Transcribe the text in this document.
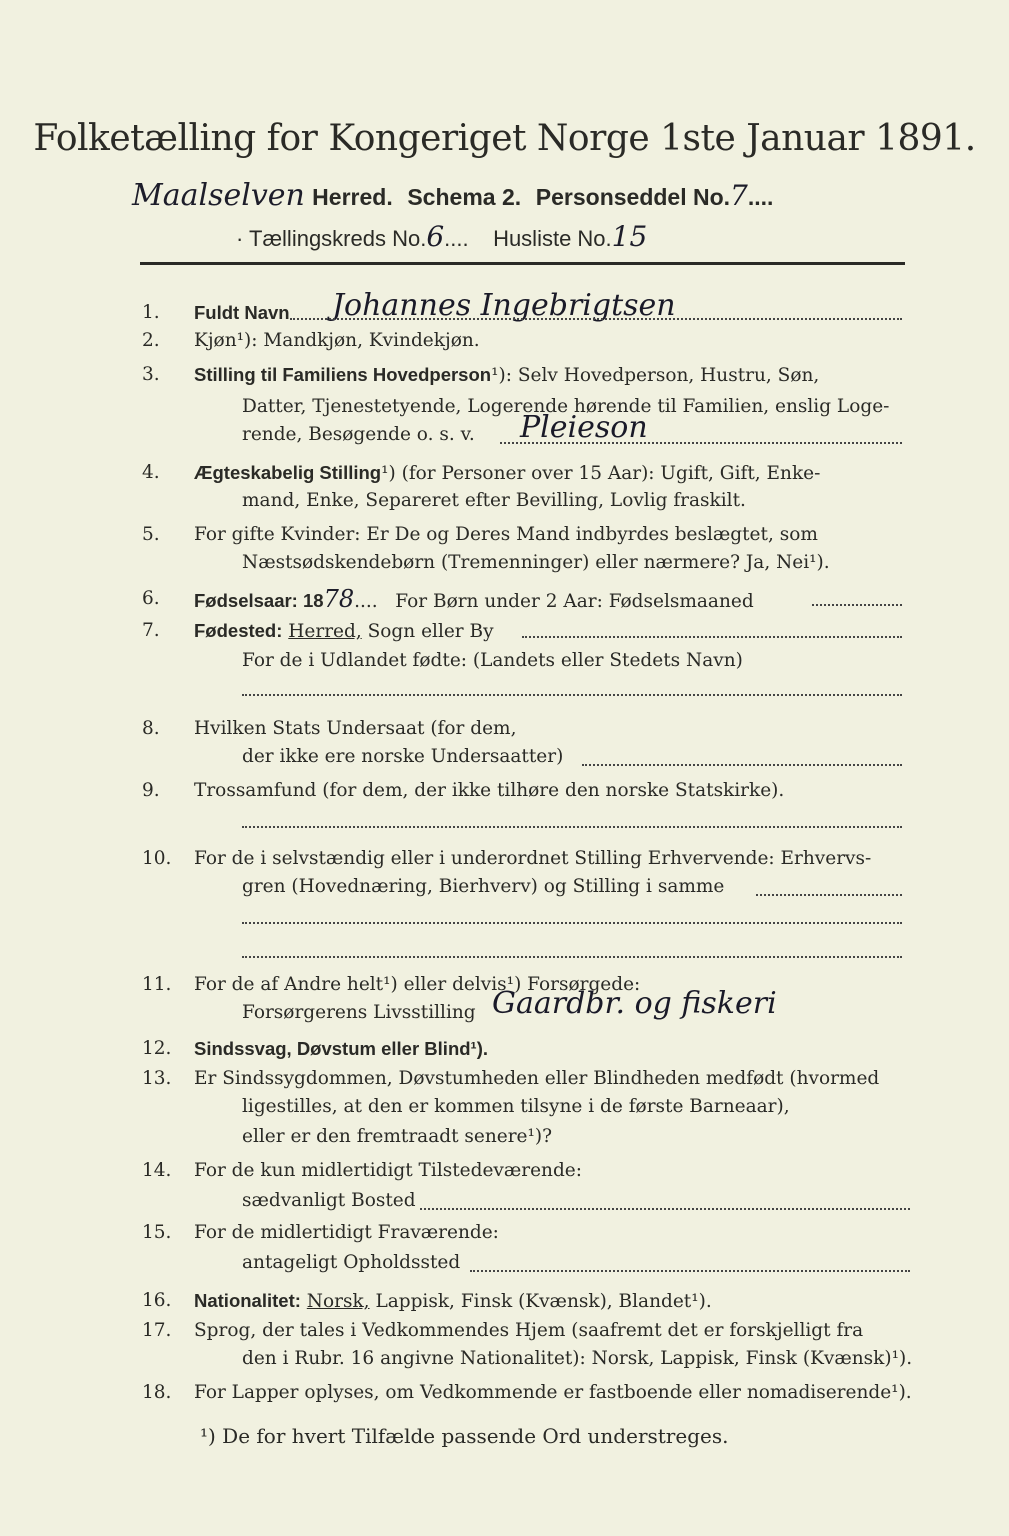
Folketælling for Kongeriget Norge 1ste Januar 1891.
Maalselven Herred. Schema 2. Personseddel No.7....
· Tællingskreds No.6....    Husliste No.15
1.	Fuldt Navn Johannes Ingebrigtsen
2.	Kjøn¹): Mandkjøn, Kvindekjøn.
3.	Stilling til Familiens Hovedperson¹): Selv Hovedperson, Hustru, Søn,
Datter, Tjenestetyende, Logerende hørende til Familien, enslig Loge-
rende, Besøgende o. s. v. Pleieson
4.	Ægteskabelig Stilling¹) (for Personer over 15 Aar): Ugift, Gift, Enke-
mand, Enke, Separeret efter Bevilling, Lovlig fraskilt.
5.	For gifte Kvinder: Er De og Deres Mand indbyrdes beslægtet, som
Næstsødskendebørn (Tremenninger) eller nærmere? Ja, Nei¹).
6.	Fødselsaar: 1878....   For Børn under 2 Aar: Fødselsmaaned
7.	Fødested: Herred, Sogn eller By
For de i Udlandet fødte: (Landets eller Stedets Navn)
8.	Hvilken Stats Undersaat (for dem,
der ikke ere norske Undersaatter)
9.	Trossamfund (for dem, der ikke tilhøre den norske Statskirke).
10.	For de i selvstændig eller i underordnet Stilling Erhvervende: Erhvervs-
gren (Hovednæring, Bierhverv) og Stilling i samme
11.	For de af Andre helt¹) eller delvis¹) Forsørgede:
Forsørgerens Livsstilling Gaardbr. og fiskeri
12.	Sindssvag, Døvstum eller Blind¹).
13.	Er Sindssygdommen, Døvstumheden eller Blindheden medfødt (hvormed
ligestilles, at den er kommen tilsyne i de første Barneaar),
eller er den fremtraadt senere¹)?
14.	For de kun midlertidigt Tilstedeværende:
sædvanligt Bosted
15.	For de midlertidigt Fraværende:
antageligt Opholdssted
16.	Nationalitet: Norsk, Lappisk, Finsk (Kvænsk), Blandet¹).
17.	Sprog, der tales i Vedkommendes Hjem (saafremt det er forskjelligt fra
den i Rubr. 16 angivne Nationalitet): Norsk, Lappisk, Finsk (Kvænsk)¹).
18.	For Lapper oplyses, om Vedkommende er fastboende eller nomadiserende¹).
¹) De for hvert Tilfælde passende Ord understreges.
